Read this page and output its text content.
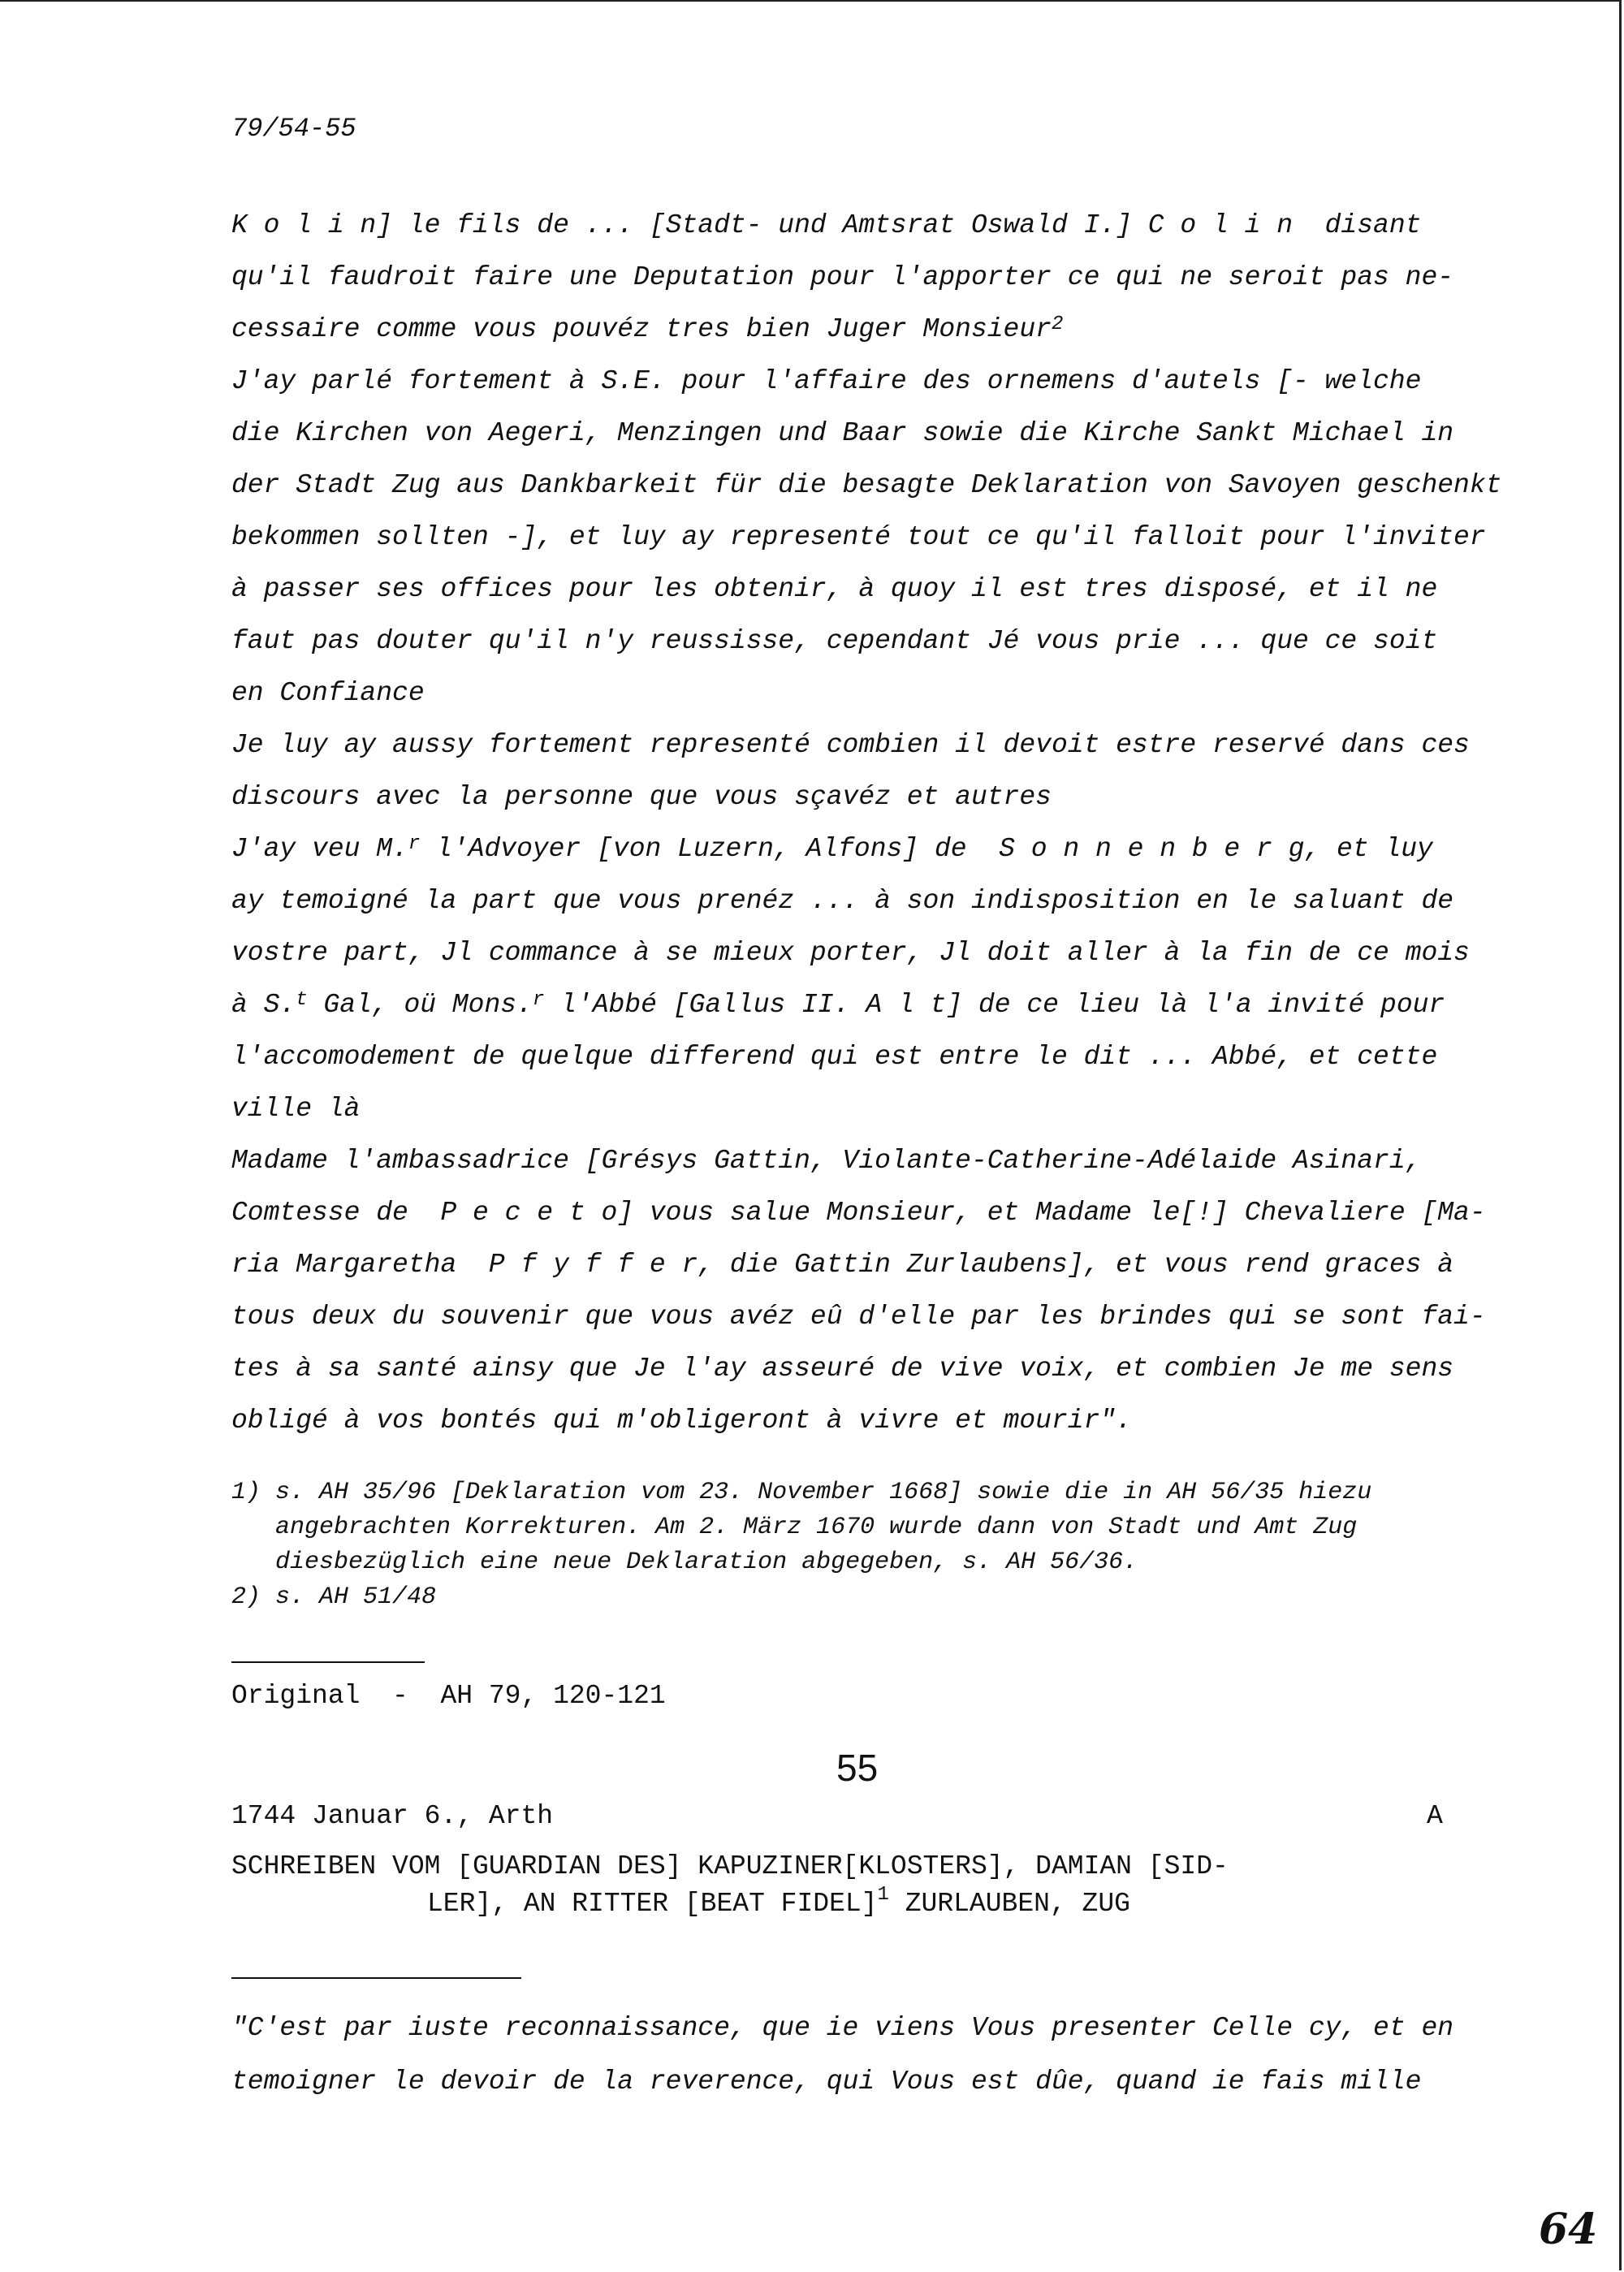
79/54-55
K o l i n] le fils de ... [Stadt- und Amtsrat Oswald I.] C o l i n  disant
qu'il faudroit faire une Deputation pour l'apporter ce qui ne seroit pas ne-
cessaire comme vous pouvéz tres bien Juger Monsieur$^2$
J'ay parlé fortement à S.E. pour l'affaire des ornemens d'autels [- welche
die Kirchen von Aegeri, Menzingen und Baar sowie die Kirche Sankt Michael in
der Stadt Zug aus Dankbarkeit für die besagte Deklaration von Savoyen geschenkt
bekommen sollten -], et luy ay representé tout ce qu'il falloit pour l'inviter
à passer ses offices pour les obtenir, à quoy il est tres disposé, et il ne
faut pas douter qu'il n'y reussisse, cependant Jé vous prie ... que ce soit
en Confiance
Je luy ay aussy fortement representé combien il devoit estre reservé dans ces
discours avec la personne que vous sçavéz et autres
J'ay veu M.$^r$ l'Advoyer [von Luzern, Alfons] de  S o n n e n b e r g, et luy
ay temoigné la part que vous prenéz ... à son indisposition en le saluant de
vostre part, Jl commance à se mieux porter, Jl doit aller à la fin de ce mois
à S.$^t$ Gal, oü Mons.$^r$ l'Abbé [Gallus II. A l t] de ce lieu là l'a invité pour
l'accomodement de quelque differend qui est entre le dit ... Abbé, et cette
ville là
Madame l'ambassadrice [Grésys Gattin, Violante-Catherine-Adélaide Asinari,
Comtesse de  P e c e t o] vous salue Monsieur, et Madame le[!] Chevaliere [Ma-
ria Margaretha  P f y f f e r, die Gattin Zurlaubens], et vous rend graces à
tous deux du souvenir que vous avéz eû d'elle par les brindes qui se sont fai-
tes à sa santé ainsy que Je l'ay asseuré de vive voix, et combien Je me sens
obligé à vos bontés qui m'obligeront à vivre et mourir".
1) s. AH 35/96 [Deklaration vom 23. November 1668] sowie die in AH 56/35 hiezu
angebrachten Korrekturen. Am 2. März 1670 wurde dann von Stadt und Amt Zug
diesbezüglich eine neue Deklaration abgegeben, s. AH 56/36.
2) s. AH 51/48
Original  -  AH 79, 120-121
55
1744 Januar 6., Arth	A
SCHREIBEN VOM [GUARDIAN DES] KAPUZINER[KLOSTERS], DAMIAN [SID-
LER], AN RITTER [BEAT FIDEL]$^1$ ZURLAUBEN, ZUG
"C'est par iuste reconnaissance, que ie viens Vous presenter Celle cy, et en
temoigner le devoir de la reverence, qui Vous est dûe, quand ie fais mille
64
